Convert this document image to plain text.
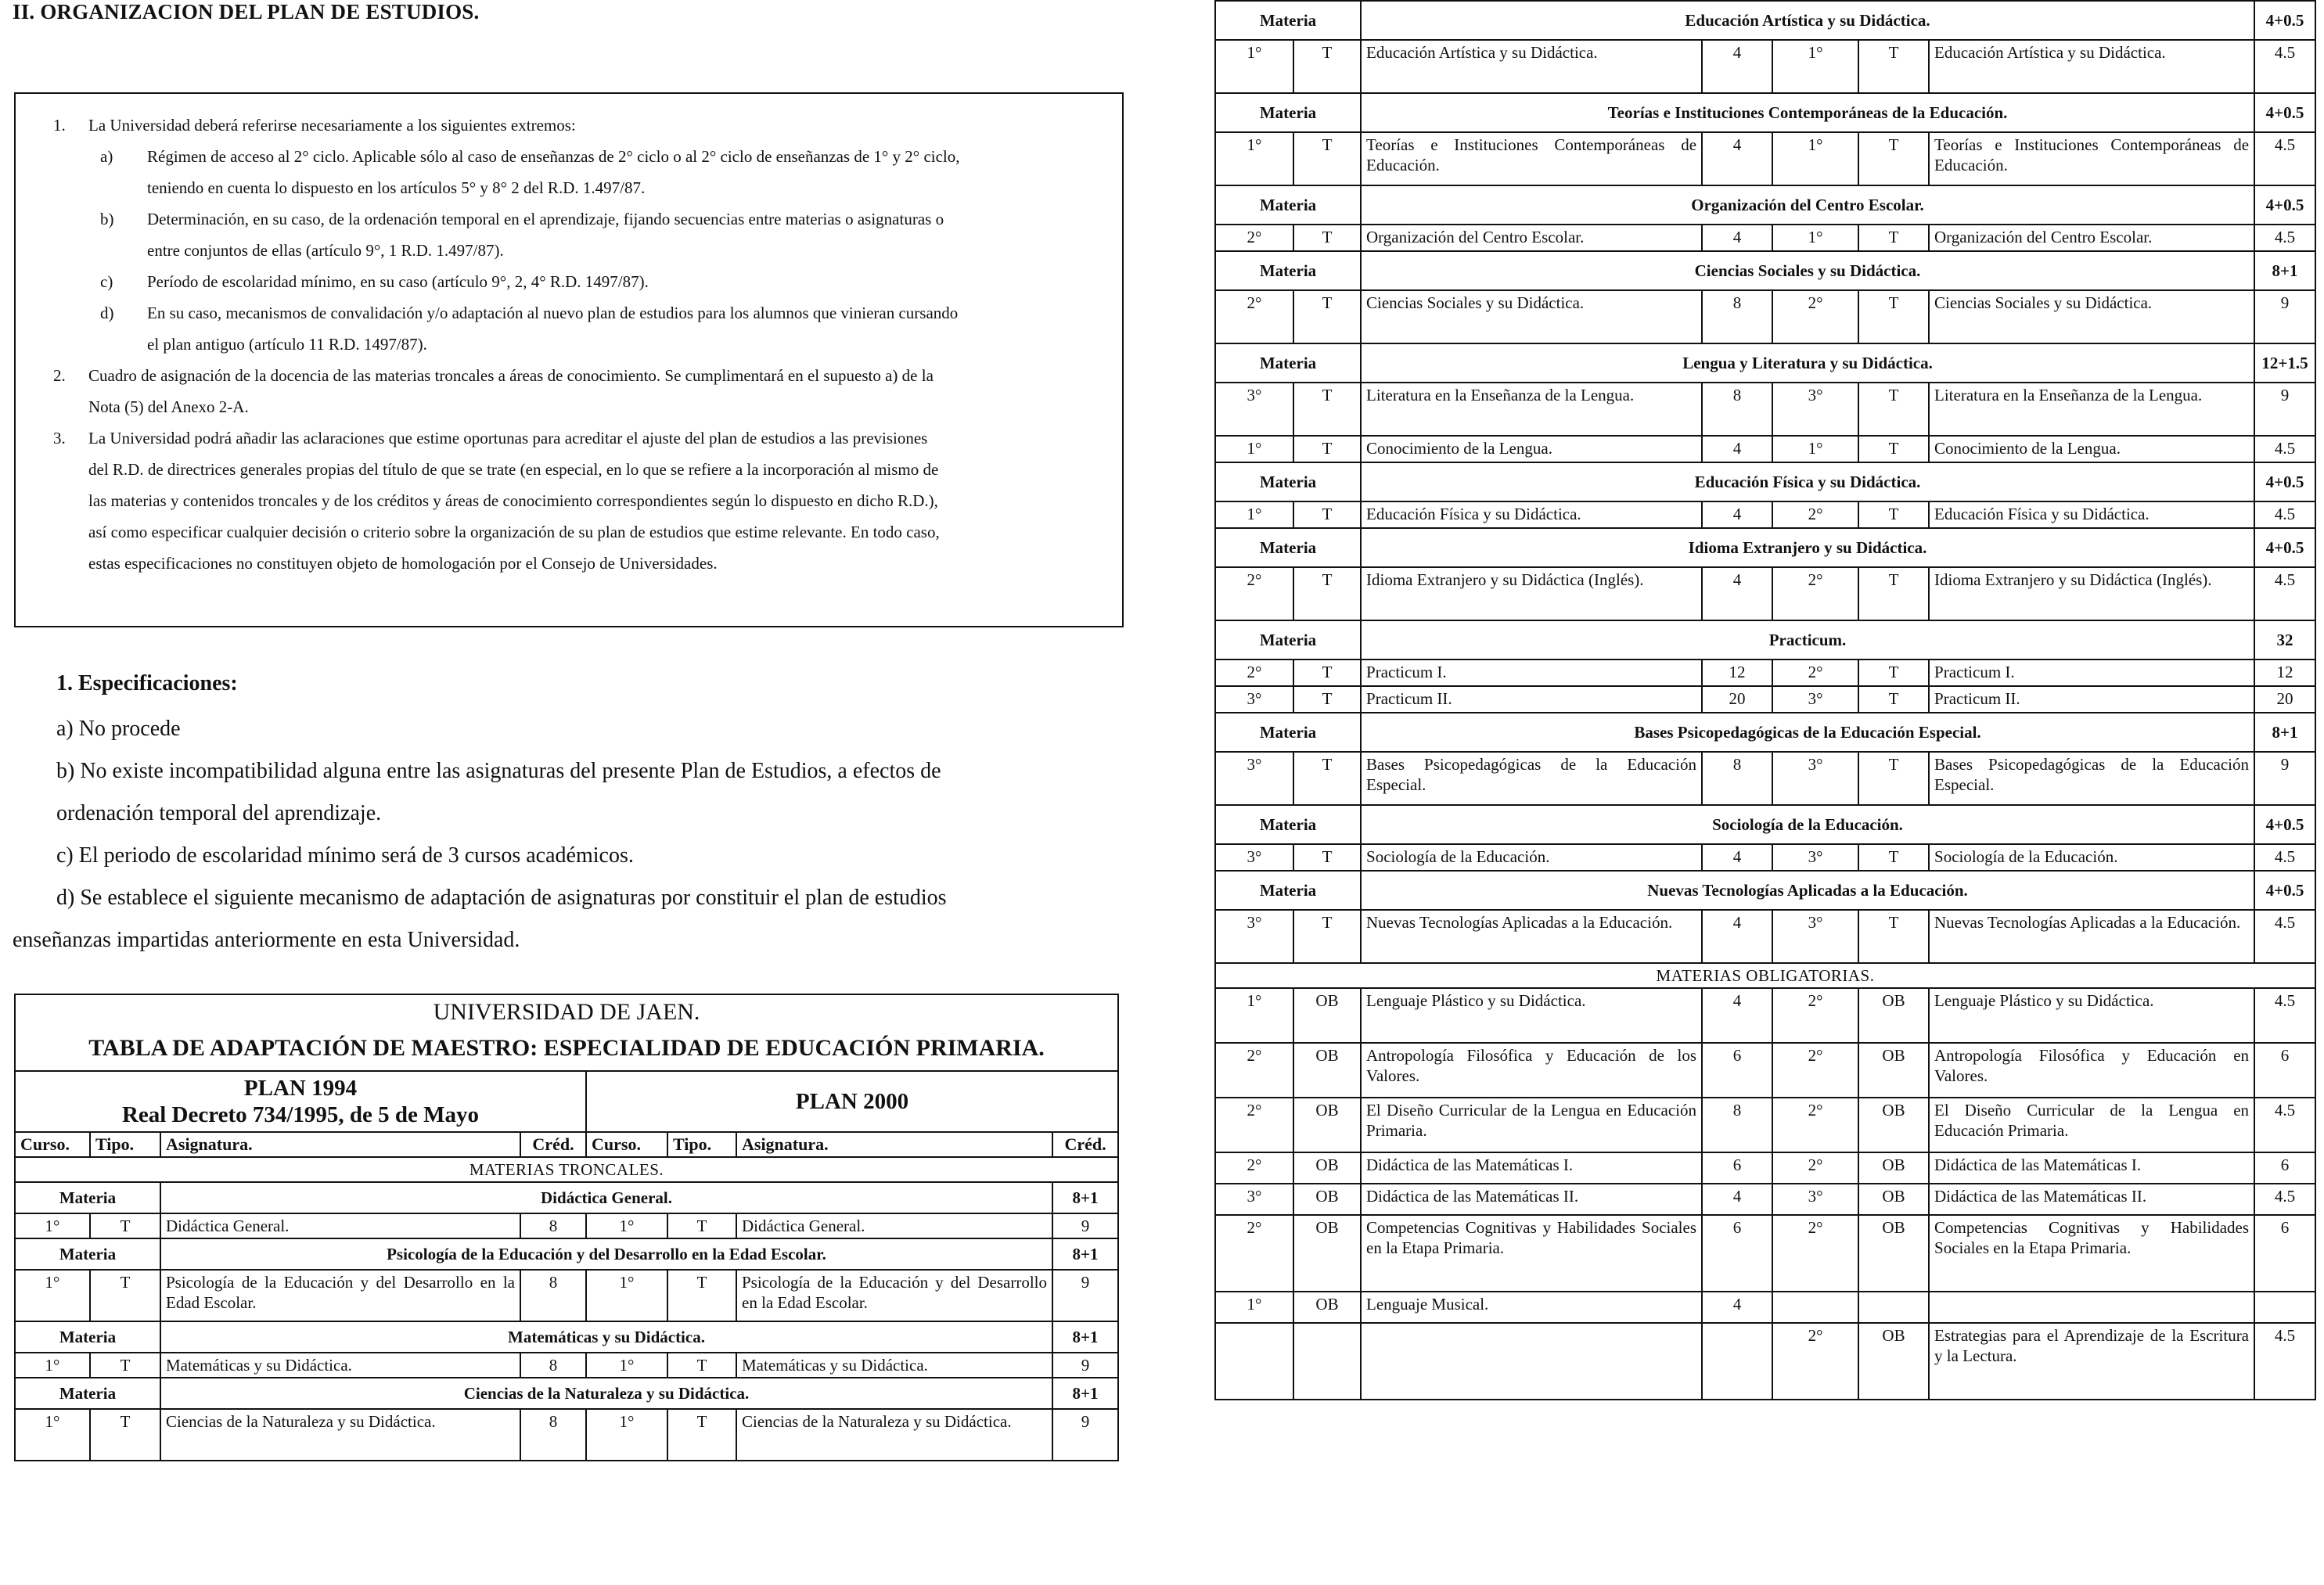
II. ORGANIZACION DEL PLAN DE ESTUDIOS.
1. La Universidad deberá referirse necesariamente a los siguientes extremos:
a) Régimen de acceso al 2° ciclo. Aplicable sólo al caso de enseñanzas de 2° ciclo o al 2° ciclo de enseñanzas de 1° y 2° ciclo,
teniendo en cuenta lo dispuesto en los artículos 5° y 8° 2 del R.D. 1.497/87.
b) Determinación, en su caso, de la ordenación temporal en el aprendizaje, fijando secuencias entre materias o asignaturas o
entre conjuntos de ellas (artículo 9°, 1 R.D. 1.497/87).
c) Período de escolaridad mínimo, en su caso (artículo 9°, 2, 4° R.D. 1497/87).
d) En su caso, mecanismos de convalidación y/o adaptación al nuevo plan de estudios para los alumnos que vinieran cursando
el plan antiguo (artículo 11 R.D. 1497/87).
2. Cuadro de asignación de la docencia de las materias troncales a áreas de conocimiento. Se cumplimentará en el supuesto a) de la
Nota (5) del Anexo 2-A.
3. La Universidad podrá añadir las aclaraciones que estime oportunas para acreditar el ajuste del plan de estudios a las previsiones
del R.D. de directrices generales propias del título de que se trate (en especial, en lo que se refiere a la incorporación al mismo de
las materias y contenidos troncales y de los créditos y áreas de conocimiento correspondientes según lo dispuesto en dicho R.D.),
así como especificar cualquier decisión o criterio sobre la organización de su plan de estudios que estime relevante. En todo caso,
estas especificaciones no constituyen objeto de homologación por el Consejo de Universidades.
1. Especificaciones:
a) No procede
b) No existe incompatibilidad alguna entre las asignaturas del presente Plan de Estudios, a efectos de
ordenación temporal del aprendizaje.
c) El periodo de escolaridad mínimo será de 3 cursos académicos.
d) Se establece el siguiente mecanismo de adaptación de asignaturas por constituir el plan de estudios
enseñanzas impartidas anteriormente en esta Universidad.
UNIVERSIDAD DE JAEN.							
TABLA DE ADAPTACIÓN DE MAESTRO: ESPECIALIDAD DE EDUCACIÓN PRIMARIA.							

PLAN 1994
Real Decreto 734/1995, de 5 de Mayo				PLAN 2000			
Curso.	Tipo.	Asignatura.	Créd.	Curso.	Tipo.	Asignatura.	Créd.
MATERIAS TRONCALES.							
Materia		Didáctica General.					8+1
1°	T	Didáctica General.	8	1°	T	Didáctica General.	9
Materia		Psicología de la Educación y del Desarrollo en la Edad Escolar.					8+1
1°	T	Psicología de la Educación y del Desarrollo en la Edad Escolar.	8	1°	T	Psicología de la Educación y del Desarrollo en la Edad Escolar.	9
Materia		Matemáticas y su Didáctica.					8+1
1°	T	Matemáticas y su Didáctica.	8	1°	T	Matemáticas y su Didáctica.	9
Materia		Ciencias de la Naturaleza y su Didáctica.					8+1
1°	T	Ciencias de la Naturaleza y su Didáctica.	8	1°	T	Ciencias de la Naturaleza y su Didáctica.	9
Materia		Educación Artística y su Didáctica.					4+0.5
1°	T	Educación Artística y su Didáctica.	4	1°	T	Educación Artística y su Didáctica.	4.5
Materia		Teorías e Instituciones Contemporáneas de la Educación.					4+0.5
1°	T	Teorías e Instituciones Contemporáneas de Educación.	4	1°	T	Teorías e Instituciones Contemporáneas de Educación.	4.5
Materia		Organización del Centro Escolar.					4+0.5
2°	T	Organización del Centro Escolar.	4	1°	T	Organización del Centro Escolar.	4.5
Materia		Ciencias Sociales y su Didáctica.					8+1
2°	T	Ciencias Sociales y su Didáctica.	8	2°	T	Ciencias Sociales y su Didáctica.	9
Materia		Lengua y Literatura y su Didáctica.					12+1.5
3°	T	Literatura en la Enseñanza de la Lengua.	8	3°	T	Literatura en la Enseñanza de la Lengua.	9
1°	T	Conocimiento de la Lengua.	4	1°	T	Conocimiento de la Lengua.	4.5
Materia		Educación Física y su Didáctica.					4+0.5
1°	T	Educación Física y su Didáctica.	4	2°	T	Educación Física y su Didáctica.	4.5
Materia		Idioma Extranjero y su Didáctica.					4+0.5
2°	T	Idioma Extranjero y su Didáctica (Inglés).	4	2°	T	Idioma Extranjero y su Didáctica (Inglés).	4.5
Materia		Practicum.					32
2°	T	Practicum I.	12	2°	T	Practicum I.	12
3°	T	Practicum II.	20	3°	T	Practicum II.	20
Materia		Bases Psicopedagógicas de la Educación Especial.					8+1
3°	T	Bases Psicopedagógicas de la Educación Especial.	8	3°	T	Bases Psicopedagógicas de la Educación Especial.	9
Materia		Sociología de la Educación.					4+0.5
3°	T	Sociología de la Educación.	4	3°	T	Sociología de la Educación.	4.5
Materia		Nuevas Tecnologías Aplicadas a la Educación.					4+0.5
3°	T	Nuevas Tecnologías Aplicadas a la Educación.	4	3°	T	Nuevas Tecnologías Aplicadas a la Educación.	4.5
MATERIAS OBLIGATORIAS.							
1°	OB	Lenguaje Plástico y su Didáctica.	4	2°	OB	Lenguaje Plástico y su Didáctica.	4.5
2°	OB	Antropología Filosófica y Educación de los Valores.	6	2°	OB	Antropología Filosófica y Educación en Valores.	6
2°	OB	El Diseño Curricular de la Lengua en Educación Primaria.	8	2°	OB	El Diseño Curricular de la Lengua en Educación Primaria.	4.5
2°	OB	Didáctica de las Matemáticas I.	6	2°	OB	Didáctica de las Matemáticas I.	6
3°	OB	Didáctica de las Matemáticas II.	4	3°	OB	Didáctica de las Matemáticas II.	4.5
2°	OB	Competencias Cognitivas y Habilidades Sociales en la Etapa Primaria.	6	2°	OB	Competencias Cognitivas y Habilidades Sociales en la Etapa Primaria.	6
1°	OB	Lenguaje Musical.	4				
				2°	OB	Estrategias para el Aprendizaje de la Escritura y la Lectura.	4.5
